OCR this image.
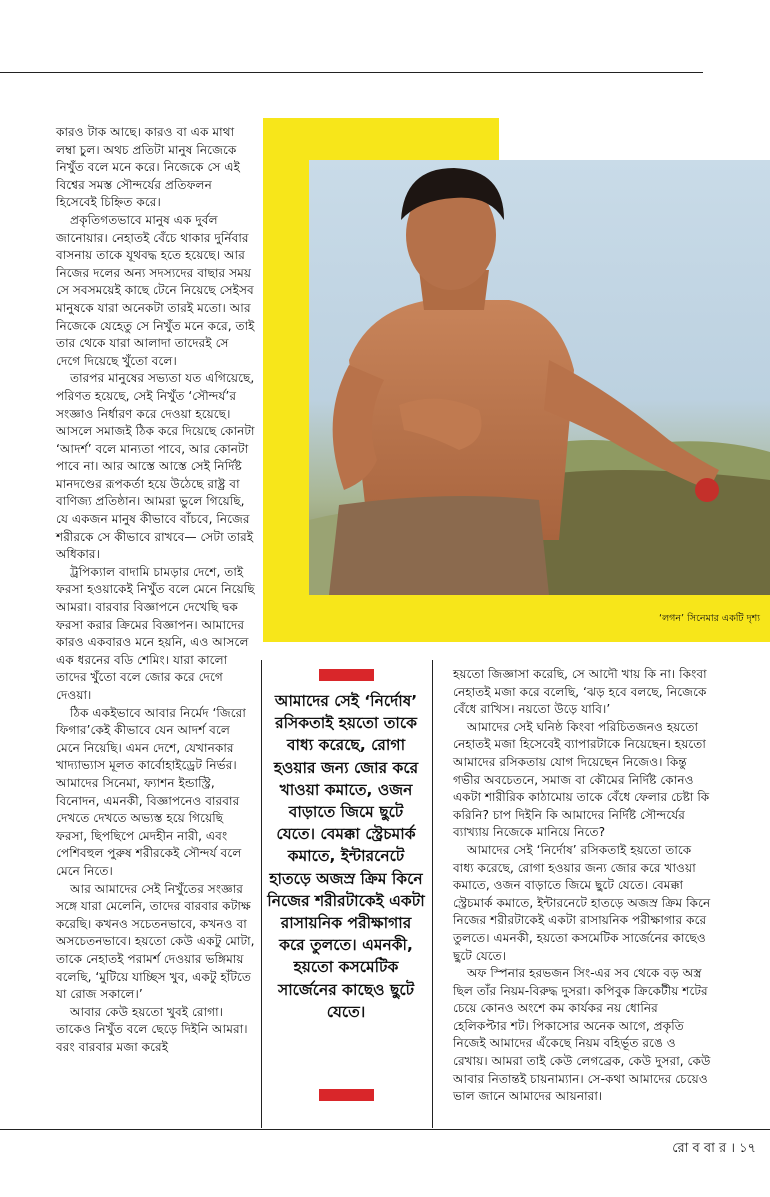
কারও টাক আছে। কারও বা এক মাথা লম্বা চুল। অথচ প্রতিটা মানুষ নিজেকে নিখুঁত বলে মনে করে। নিজেকে সে এই বিশ্বের সমস্ত সৌন্দর্যের প্রতিফলন হিসেবেই চিহ্নিত করে।

প্রকৃতিগতভাবে মানুষ এক দুর্বল জানোয়ার। নেহাতই বেঁচে থাকার দুর্নিবার বাসনায় তাকে যূথবদ্ধ হতে হয়েছে। আর নিজের দলের অন্য সদস্যদের বাছার সময় সে সবসময়েই কাছে টেনে নিয়েছে সেইসব মানুষকে যারা অনেকটা তারই মতো। আর নিজেকে যেহেতু সে নিখুঁত মনে করে, তাই তার থেকে যারা আলাদা তাদেরই সে দেগে দিয়েছে খুঁতো বলে।

তারপর মানুষের সভ্যতা যত এগিয়েছে, পরিণত হয়েছে, সেই নিখুঁত ‘সৌন্দর্য’র সংজ্ঞাও নির্ধারণ করে দেওয়া হয়েছে। আসলে সমাজই ঠিক করে দিয়েছে কোনটা ‘আদর্শ’ বলে মান্যতা পাবে, আর কোনটা পাবে না। আর আস্তে আস্তে সেই নির্দিষ্ট মানদণ্ডের রূপকর্তা হয়ে উঠেছে রাষ্ট্র বা বাণিজ্য প্রতিষ্ঠান। আমরা ভুলে গিয়েছি, যে একজন মানুষ কীভাবে বাঁচবে, নিজের শরীরকে সে কীভাবে রাখবে— সেটা তারই অধিকার।

ট্রপিক্যাল বাদামি চামড়ার দেশে, তাই ফরসা হওয়াকেই নিখুঁত বলে মেনে নিয়েছি আমরা। বারবার বিজ্ঞাপনে দেখেছি দ্বক ফরসা করার ক্রিমের বিজ্ঞাপন। আমাদের কারও একবারও মনে হয়নি, এও আসলে এক ধরনের বডি শেমিং। যারা কালো তাদের খুঁতো বলে জোর করে দেগে দেওয়া।

ঠিক একইভাবে আবার নির্মেদ ‘জিরো ফিগার’কেই কীভাবে যেন আদর্শ বলে মেনে নিয়েছি। এমন দেশে, যেখানকার খাদ্যাভ্যাস মূলত কার্বোহাইড্রেট নির্ভর। আমাদের সিনেমা, ফ্যাশন ইন্ডাস্ট্রি, বিনোদন, এমনকী, বিজ্ঞাপনেও বারবার দেখতে দেখতে অভ্যস্ত হয়ে গিয়েছি ফরসা, ছিপছিপে মেদহীন নারী, এবং পেশিবহুল পুরুষ শরীরকেই সৌন্দর্য বলে মেনে নিতে।

আর আমাদের সেই নিখুঁতের সংজ্ঞার সঙ্গে যারা মেলেনি, তাদের বারবার কটাক্ষ করেছি। কখনও সচেতনভাবে, কখনও বা অসচেতনভাবে। হয়তো কেউ একটু মোটা, তাকে নেহাতই পরামর্শ দেওয়ার ভঙ্গিমায় বলেছি, ‘মুটিয়ে যাচ্ছিস খুব, একটু হাঁটতে যা রোজ সকালে।’

আবার কেউ হয়তো খুবই রোগা। তাকেও নিখুঁত বলে ছেড়ে দিইনি আমরা। বরং বারবার মজা করেই

‘লগন’ সিনেমার একটি দৃশ্য
আমাদের সেই ‘নির্দোষ’ রসিকতাই হয়তো তাকে বাধ্য করেছে, রোগা হওয়ার জন্য জোর করে খাওয়া কমাতে, ওজন বাড়াতে জিমে ছুটে যেতে। বেমক্কা স্ট্রেচমার্ক কমাতে, ইন্টারনেটে হাতড়ে অজস্র ক্রিম কিনে নিজের শরীরটাকেই একটা রাসায়নিক পরীক্ষাগার করে তুলতে। এমনকী, হয়তো কসমেটিক সার্জেনের কাছেও ছুটে যেতে।

হয়তো জিজ্ঞাসা করেছি, সে আদৌ খায় কি না। কিংবা নেহাতই মজা করে বলেছি, ‘ঝড় হবে বলছে, নিজেকে বেঁধে রাখিস। নয়তো উড়ে যাবি।’

আমাদের সেই ঘনিষ্ঠ কিংবা পরিচিতজনও হয়তো নেহাতই মজা হিসেবেই ব্যাপারটাকে নিয়েছেন। হয়তো আমাদের রসিকতায় যোগ দিয়েছেন নিজেও। কিন্তু গভীর অবচেতনে, সমাজ বা কৌমের নির্দিষ্ট কোনও একটা শারীরিক কাঠামোয় তাকে বেঁধে ফেলার চেষ্টা কি করিনি? চাপ দিইনি কি আমাদের নির্দিষ্ট সৌন্দর্যের ব্যাখ্যায় নিজেকে মানিয়ে নিতে?

আমাদের সেই ‘নির্দোষ’ রসিকতাই হয়তো তাকে বাধ্য করেছে, রোগা হওয়ার জন্য জোর করে খাওয়া কমাতে, ওজন বাড়াতে জিমে ছুটে যেতে। বেমক্কা স্ট্রেচমার্ক কমাতে, ইন্টারনেটে হাতড়ে অজস্র ক্রিম কিনে নিজের শরীরটাকেই একটা রাসায়নিক পরীক্ষাগার করে তুলতে। এমনকী, হয়তো কসমেটিক সার্জেনের কাছেও ছুটে যেতে।

অফ স্পিনার হরভজন সিং-এর সব থেকে বড় অস্ত্র ছিল তাঁর নিয়ম-বিরুদ্ধ দুসরা। কপিবুক ক্রিকেটীয় শটের চেয়ে কোনও অংশে কম কার্যকর নয় ধোনির হেলিকপ্টার শট। পিকাসোর অনেক আগে, প্রকৃতি নিজেই আমাদের এঁকেছে নিয়ম বহির্ভূত রঙে ও রেখায়। আমরা তাই কেউ লেগব্রেক, কেউ দুসরা, কেউ আবার নিতান্তই চায়নাম্যান। সে-কথা আমাদের চেয়েও ভাল জানে আমাদের আয়নারা।

রো ব বা র । ১৭
